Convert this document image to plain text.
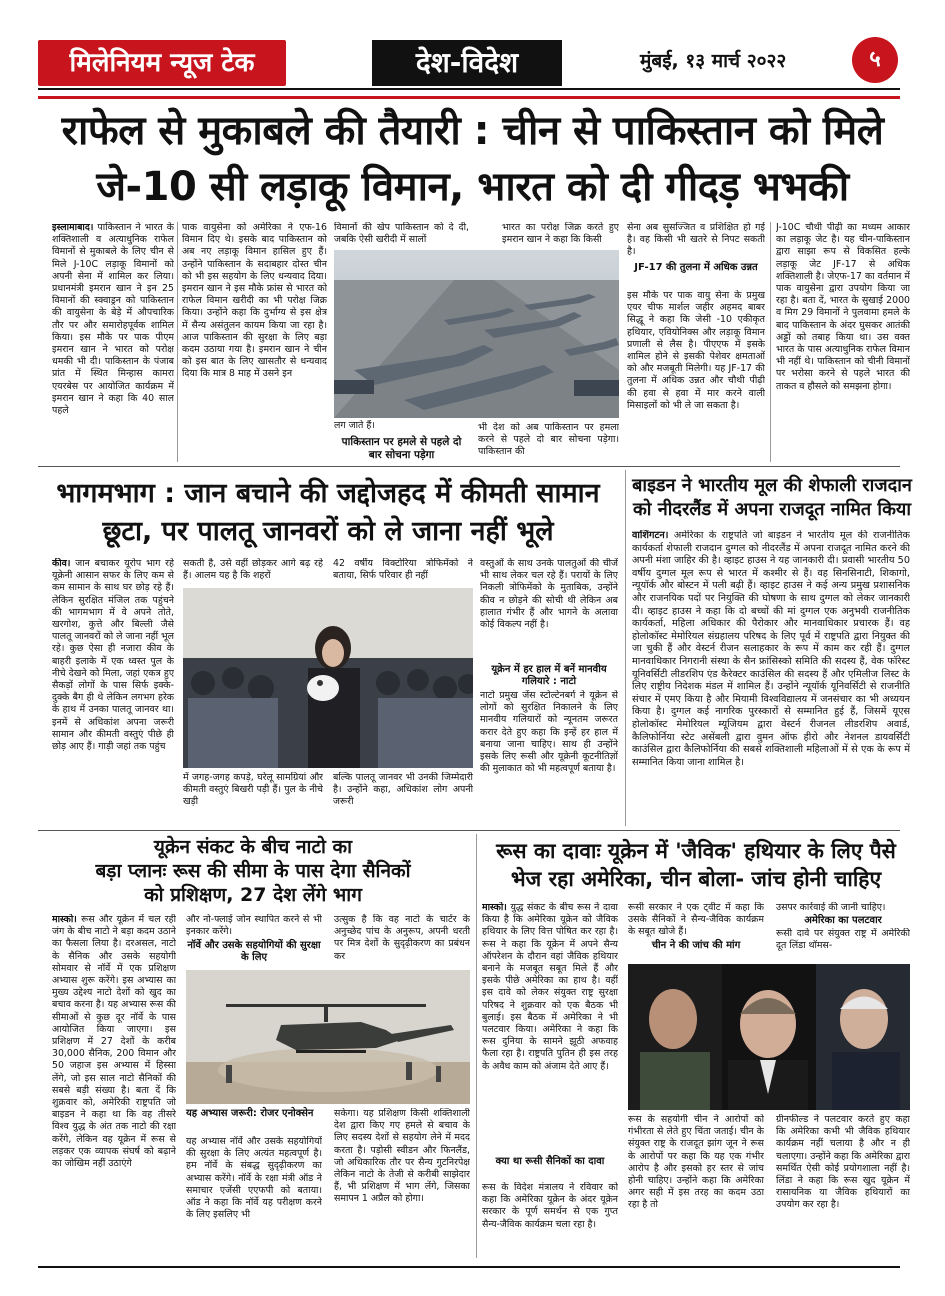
मिलेनियम न्यूज टेक	देश-विदेश	मुंबई, १३ मार्च २०२२	५
राफेल से मुकाबले की तैयारी : चीन से पाकिस्तान को मिले
जे-10 सी लड़ाकू विमान, भारत को दी गीदड़ भभकी
इस्लामाबाद। पाकिस्तान ने भारत के शक्तिशाली व अत्याधुनिक राफेल विमानों से मुकाबले के लिए चीन से मिले J-10C लड़ाकू विमानों को अपनी सेना में शामिल कर लिया। प्रधानमंत्री इमरान खान ने इन 25 विमानों की स्क्वाड्रन को पाकिस्तान की वायुसेना के बेड़े में औपचारिक तौर पर और समारोहपूर्वक शामिल किया। इस मौके पर पाक पीएम इमरान खान ने भारत को परोक्ष धमकी भी दी। पाकिस्तान के पंजाब प्रांत में स्थित मिन्हास कामरा एयरबेस पर आयोजित कार्यक्रम में इमरान खान ने कहा कि 40 साल पहले
पाक वायुसेना को अमेरिका ने एफ-16 विमान दिए थे। इसके बाद पाकिस्तान को अब नए लड़ाकू विमान हासिल हुए हैं। उन्होंने पाकिस्तान के सदाबहार दोस्त चीन को भी इस सहयोग के लिए धन्यवाद दिया। इमरान खान ने इस मौके फ्रांस से भारत को राफेल विमान खरीदी का भी परोक्ष जिक्र किया। उन्होंने कहा कि दुर्भाग्य से इस क्षेत्र में सैन्य असंतुलन कायम किया जा रहा है। आज पाकिस्तान की सुरक्षा के लिए बड़ा कदम उठाया गया है। इमरान खान ने चीन को इस बात के लिए खासतौर से धन्यवाद दिया कि मात्र 8 माह में उसने इन
विमानों की खेप पाकिस्तान को दे दी, जबकि ऐसी खरीदी में सालों
भारत का परोक्ष जिक्र करते हुए इमरान खान ने कहा कि किसी
लग जाते हैं।
पाकिस्तान पर हमले से पहले दो बार सोचना पड़ेगा
भी देश को अब पाकिस्तान पर हमला करने से पहले दो बार सोचना पड़ेगा। पाकिस्तान की
सेना अब सुसज्जित व प्रशिक्षित हो गई है। वह किसी भी खतरे से निपट सकती है।
JF-17 की तुलना में अधिक उन्नत
इस मौके पर पाक वायु सेना के प्रमुख एयर चीफ मार्शल जहीर अहमद बाबर सिद्धू ने कहा कि जेसी -10 एकीकृत हथियार, एवियोनिक्स और लड़ाकू विमान प्रणाली से लैस है। पीएएफ में इसके शामिल होने से इसकी पेशेवर क्षमताओं को और मजबूती मिलेगी। यह JF-17 की तुलना में अधिक उन्नत और चौथी पीढ़ी की हवा से हवा में मार करने वाली मिसाइलों को भी ले जा सकता है।
J-10C चौथी पीढ़ी का मध्यम आकार का लड़ाकू जेट है। यह चीन-पाकिस्तान द्वारा साझा रूप से विकसित हल्के लड़ाकू जेट JF-17 से अधिक शक्तिशाली है। जेएफ-17 का वर्तमान में पाक वायुसेना द्वारा उपयोग किया जा रहा है। बता दें, भारत के सुखाई 2000 व मिग 29 विमानों ने पुलवामा हमले के बाद पाकिस्तान के अंदर घुसकर आतंकी अड्डों को तबाह किया था। उस वक्त भारत के पास अत्याधुनिक राफेल विमान भी नहीं थे। पाकिस्तान को चीनी विमानों पर भरोसा करने से पहले भारत की ताकत व हौसले को समझना होगा।
भागमभाग : जान बचाने की जद्दोजहद में कीमती सामान
छूटा, पर पालतू जानवरों को ले जाना नहीं भूले
कीव। जान बचाकर यूरोप भाग रहे यूक्रेनी आसान सफर के लिए कम से कम सामान के साथ घर छोड़ रहे हैं। लेकिन सुरक्षित मंजिल तक पहुंचने की भागमभाग में वे अपने तोते, खरगोश, कुत्ते और बिल्ली जैसे पालतू जानवरों को ले जाना नहीं भूल रहे। कुछ ऐसा ही नजारा कीव के बाहरी इलाके में एक ध्वस्त पुल के नीचे देखने को मिला, जहां एकत्र हुए सैकड़ों लोगों के पास सिर्फ इक्के-दुक्के बैग ही थे लेकिन लगभग हरेक के हाथ में उनका पालतू जानवर था।इनमें से अधिकांश अपना जरूरी सामान और कीमती वस्तुएं पीछे ही छोड़ आए हैं। गाड़ी जहां तक पहुंच
सकती है, उसे वहीं छोड़कर आगे बढ़ रहे हैं। आलम यह है कि शहरों
42 वर्षीय विक्टोरिया त्रोफिमेंको ने बताया, सिर्फ परिवार ही नहीं
में जगह-जगह कपड़े, घरेलू सामग्रियां और कीमती वस्तुएं बिखरी पड़ी हैं। पुल के नीचे खड़ी
बल्कि पालतू जानवर भी उनकी जिम्मेदारी है। उन्होंने कहा, अधिकांश लोग अपनी जरूरी
वस्तुओं के साथ उनके पालतुओं की चीजें भी साथ लेकर चल रहे हैं। परायों के लिए निकली त्रोफिमेंको के मुताबिक, उन्होंने कीव न छोड़ने की सोची थी लेकिन अब हालात गंभीर हैं और भागने के अलावा कोई विकल्प नहीं है।
यूक्रेन में हर हाल में बनें मानवीय गलियारे : नाटो
नाटो प्रमुख जेंस स्टोल्टेनबर्ग ने यूक्रेन से लोगों को सुरक्षित निकालने के लिए मानवीय गलियारों को न्यूनतम जरूरत करार देते हुए कहा कि इन्हें हर हाल में बनाया जाना चाहिए। साथ ही उन्होंने इसके लिए रूसी और यूक्रेनी कूटनीतिज्ञों की मुलाकात को भी महत्वपूर्ण बताया है।
बाइडन ने भारतीय मूल की शेफाली राजदान
को नीदरलैंड में अपना राजदूत नामित किया
वाशिंगटन। अमेरिका के राष्ट्रपति जो बाइडन ने भारतीय मूल की राजनीतिक कार्यकर्ता शेफाली राजदान दुग्गल को नीदरलैंड में अपना राजदूत नामित करने की अपनी मंशा जाहिर की है। व्हाइट हाउस ने यह जानकारी दी। प्रवासी भारतीय 50 वर्षीय दुग्गल मूल रूप से भारत में कश्मीर से हैं। वह सिनसिनाटी, शिकागो, न्यूयॉर्क और बोस्टन में पली बढ़ी हैं। व्हाइट हाउस ने कई अन्य प्रमुख प्रशासनिक और राजनयिक पदों पर नियुक्ति की घोषणा के साथ दुग्गल को लेकर जानकारी दी। व्हाइट हाउस ने कहा कि दो बच्चों की मां दुग्गल एक अनुभवी राजनीतिक कार्यकर्ता, महिला अधिकार की पैरोकार और मानवाधिकार प्रचारक हैं। वह होलोकॉस्ट मेमोरियल संग्रहालय परिषद के लिए पूर्व में राष्ट्रपति द्वारा नियुक्त की जा चुकी हैं और वेस्टर्न रीजन सलाहकार के रूप में काम कर रही हैं। दुग्गल मानवाधिकार निगरानी संस्था के सैन फ्रांसिस्को समिति की सदस्य हैं, वेक फॉरेस्ट यूनिवर्सिटी लीडरशिप एंड कैरेक्टर काउंसिल की सदस्य हैं और एमिलीज लिस्ट के लिए राष्ट्रीय निदेशक मंडल में शामिल हैं। उन्होंने न्यूयॉर्क यूनिवर्सिटी से राजनीति संचार में एमए किया है और मियामी विश्वविद्यालय में जनसंचार का भी अध्ययन किया है। दुग्गल कई नागरिक पुरस्कारों से सम्मानित हुई हैं, जिसमें यूएस होलोकॉस्ट मेमोरियल म्यूजियम द्वारा वेस्टर्न रीजनल लीडरशिप अवार्ड, कैलिफोर्निया स्टेट असेंबली द्वारा वुमन ऑफ हीरो और नेशनल डायवर्सिटी काउंसिल द्वारा कैलिफोर्निया की सबसे शक्तिशाली महिलाओं में से एक के रूप में सम्मानित किया जाना शामिल है।
यूक्रेन संकट के बीच नाटो का
बड़ा प्लानः रूस की सीमा के पास देगा सैनिकों
को प्रशिक्षण, 27 देश लेंगे भाग
मास्को। रूस और यूक्रेन में चल रही जंग के बीच नाटो ने बड़ा कदम उठाने का फैसला लिया है। दरअसल, नाटो के सैनिक और उसके सहयोगी सोमवार से नॉर्वे में एक प्रशिक्षण अभ्यास शुरू करेंगे। इस अभ्यास का मुख्य उद्देश्य नाटो देशों को खुद का बचाव करना है। यह अभ्यास रूस की सीमाओं से कुछ दूर नॉर्वे के पास आयोजित किया जाएगा। इस प्रशिक्षण में 27 देशों के करीब 30,000 सैनिक, 200 विमान और 50 जहाज इस अभ्यास में हिस्सा लेंगे, जो इस साल नाटो सैनिकों की सबसे बड़ी संख्या है। बता दें कि शुक्रवार को, अमेरिकी राष्ट्रपति जो बाइडन ने कहा था कि वह तीसरे विश्व युद्ध के अंत तक नाटो की रक्षा करेंगे, लेकिन वह यूक्रेन में रूस से लड़कर एक व्यापक संघर्ष को बढ़ाने का जोखिम नहीं उठाएंगे
और नो-फ्लाई जोन स्थापित करने से भी इनकार करेंगे।
नॉर्वे और उसके सहयोगियों की सुरक्षा के लिए
उत्सुक है कि वह नाटो के चार्टर के अनुच्छेद पांच के अनुरूप, अपनी धरती पर मित्र देशों के सुदृढ़ीकरण का प्रबंधन कर
यह अभ्यास जरूरी: रोजर एनोक्सेन
यह अभ्यास नॉर्वे और उसके सहयोगियों की सुरक्षा के लिए अत्यंत महत्वपूर्ण है। हम नॉर्वे के संबद्ध सुदृढ़ीकरण का अभ्यास करेंगे। नॉर्वे के रक्षा मंत्री ऑड ने समाचार एजेंसी एएफपी को बताया। ऑड ने कहा कि नॉर्वे यह परीक्षण करने के लिए इसलिए भी
सकेगा। यह प्रशिक्षण किसी शक्तिशाली देश द्वारा किए गए हमले से बचाव के लिए सदस्य देशों से सहयोग लेने में मदद करता है। पड़ोसी स्वीडन और फिनलैंड, जो अधिकारिक तौर पर सैन्य गुटनिरपेक्ष लेकिन नाटो के तेजी से करीबी साझेदार हैं, भी प्रशिक्षण में भाग लेंगे, जिसका समापन 1 अप्रैल को होगा।
रूस का दावाः यूक्रेन में 'जैविक' हथियार के लिए पैसे
भेज रहा अमेरिका, चीन बोला- जांच होनी चाहिए
मास्को। युद्ध संकट के बीच रूस ने दावा किया है कि अमेरिका यूक्रेन को जैविक हथियार के लिए वित्त पोषित कर रहा है। रूस ने कहा कि यूक्रेन में अपने सैन्य ऑपरेशन के दौरान वहां जैविक हथियार बनाने के मजबूत सबूत मिले हैं और इसके पीछे अमेरिका का हाथ है। वहीं इस दावे को लेकर संयुक्त राष्ट्र सुरक्षा परिषद ने शुक्रवार को एक बैठक भी बुलाई। इस बैठक में अमेरिका ने भी पलटवार किया। अमेरिका ने कहा कि रूस दुनिया के सामने झूठी अफवाह फैला रहा है। राष्ट्रपति पुतिन ही इस तरह के अवैध काम को अंजाम देते आए हैं।
क्या था रूसी सैनिकों का दावा
रूस के विदेश मंत्रालय ने रविवार को कहा कि अमेरिका यूक्रेन के अंदर यूक्रेन सरकार के पूर्ण समर्थन से एक गुप्त सैन्य-जैविक कार्यक्रम चला रहा है।
रूसी सरकार ने एक ट्वीट में कहा कि उसके सैनिकों ने सैन्य-जैविक कार्यक्रम के सबूत खोजे हैं।
चीन ने की जांच की मांग
उसपर कार्रवाई की जानी चाहिए।
अमेरिका का पलटवार
रूसी दावे पर संयुक्त राष्ट्र में अमेरिकी दूत लिंडा थॉमस-
रूस के सहयोगी चीन ने आरोपों को गंभीरता से लेते हुए चिंता जताई। चीन के संयुक्त राष्ट्र के राजदूत झांग जून ने रूस के आरोपों पर कहा कि यह एक गंभीर आरोप है और इसको हर स्तर से जांच होनी चाहिए। उन्होंने कहा कि अमेरिका अगर सही में इस तरह का कदम उठा रहा है तो
ग्रीनफील्ड ने पलटवार करते हुए कहा कि अमेरिका कभी भी जैविक हथियार कार्यक्रम नहीं चलाया है और न ही चलाएगा। उन्होंने कहा कि अमेरिका द्वारा समर्थित ऐसी कोई प्रयोगशाला नहीं है। लिंडा ने कहा कि रूस खुद यूक्रेन में रासायनिक या जैविक हथियारों का उपयोग कर रहा है।
